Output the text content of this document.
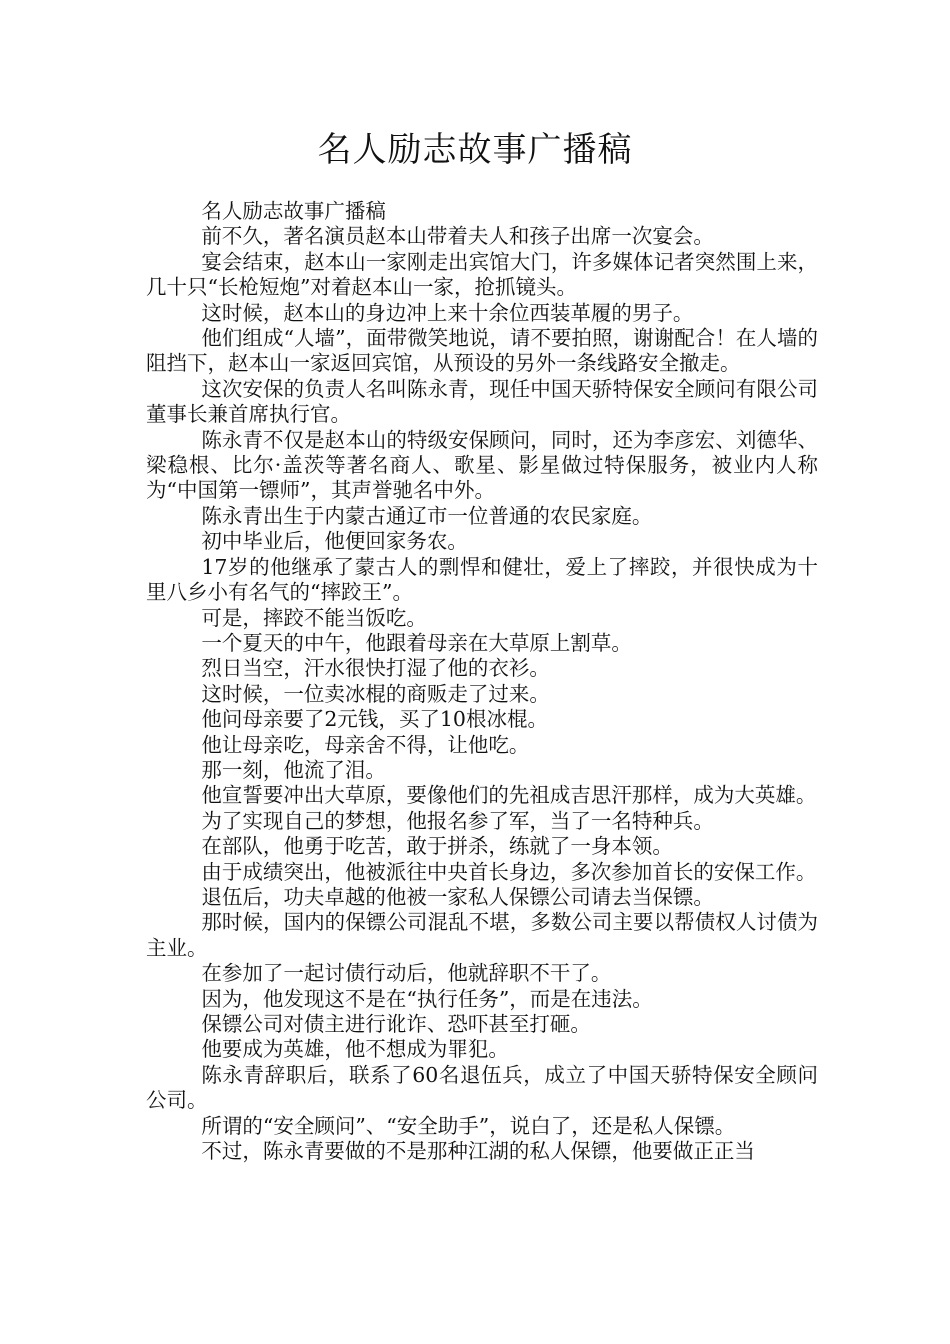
名人励志故事广播稿

名人励志故事广播稿

前不久，著名演员赵本山带着夫人和孩子出席一次宴会。

宴会结束，赵本山一家刚走出宾馆大门，许多媒体记者突然围上来，几十只“长枪短炮”对着赵本山一家，抢抓镜头。

这时候，赵本山的身边冲上来十余位西装革履的男子。

他们组成“人墙”，面带微笑地说，请不要拍照，谢谢配合！在人墙的阻挡下，赵本山一家返回宾馆，从预设的另外一条线路安全撤走。

这次安保的负责人名叫陈永青，现任中国天骄特保安全顾问有限公司董事长兼首席执行官。

陈永青不仅是赵本山的特级安保顾问，同时，还为李彦宏、刘德华、梁稳根、比尔·盖茨等著名商人、歌星、影星做过特保服务，被业内人称为“中国第一镖师”，其声誉驰名中外。

陈永青出生于内蒙古通辽市一位普通的农民家庭。

初中毕业后，他便回家务农。

17岁的他继承了蒙古人的剽悍和健壮，爱上了摔跤，并很快成为十里八乡小有名气的“摔跤王”。

可是，摔跤不能当饭吃。

一个夏天的中午，他跟着母亲在大草原上割草。

烈日当空，汗水很快打湿了他的衣衫。

这时候，一位卖冰棍的商贩走了过来。

他问母亲要了2元钱，买了10根冰棍。

他让母亲吃，母亲舍不得，让他吃。

那一刻，他流了泪。

他宣誓要冲出大草原，要像他们的先祖成吉思汗那样，成为大英雄。

为了实现自己的梦想，他报名参了军，当了一名特种兵。

在部队，他勇于吃苦，敢于拼杀，练就了一身本领。

由于成绩突出，他被派往中央首长身边，多次参加首长的安保工作。

退伍后，功夫卓越的他被一家私人保镖公司请去当保镖。

那时候，国内的保镖公司混乱不堪，多数公司主要以帮债权人讨债为主业。

在参加了一起讨债行动后，他就辞职不干了。

因为，他发现这不是在“执行任务”，而是在违法。

保镖公司对债主进行讹诈、恐吓甚至打砸。

他要成为英雄，他不想成为罪犯。

陈永青辞职后，联系了60名退伍兵，成立了中国天骄特保安全顾问公司。

所谓的“安全顾问”、“安全助手”，说白了，还是私人保镖。

不过，陈永青要做的不是那种江湖的私人保镖，他要做正正当
